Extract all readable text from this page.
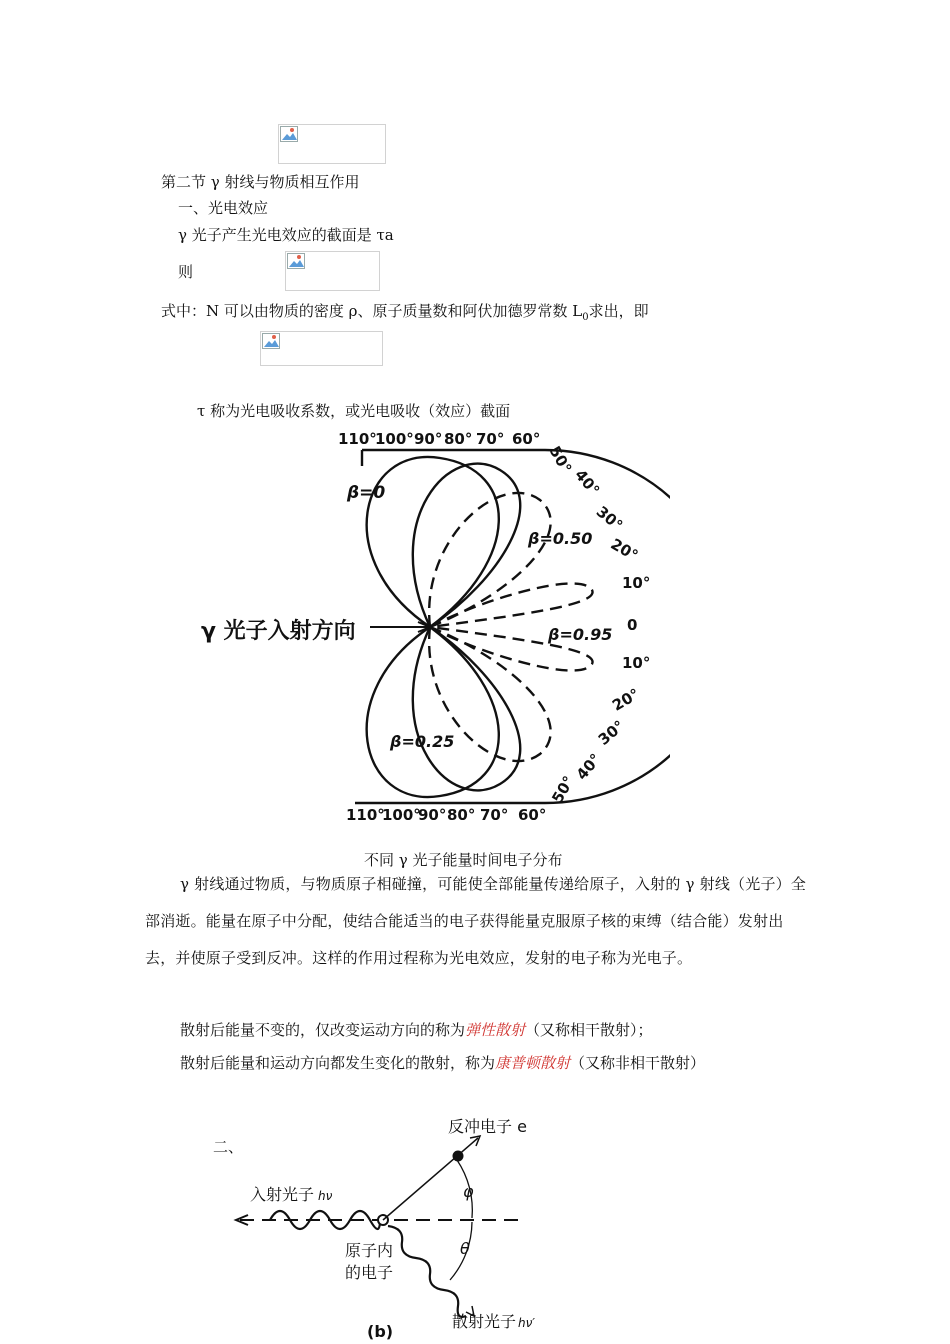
第二节 γ 射线与物质相互作用
一、光电效应
γ 光子产生光电效应的截面是 τa
则
式中：N 可以由物质的密度 ρ、原子质量数和阿伏加德罗常数 $L_0$求出，即
τ 称为光电吸收系数，或光电吸收（效应）截面
110°
100° 90° 80° 70° 60°
110°
100°
90° 80° 70° 60°
50°
40°
30°
20°
10°
0
10°
20°
30°
40°
50°
β=0
β=0.50
β=0.95
β=0.25
γ 光子入射方向
不同 γ 光子能量时间电子分布
γ 射线通过物质，与物质原子相碰撞，可能使全部能量传递给原子，入射的 γ 射线（光子）全部消逝。能量在原子中分配，使结合能适当的电子获得能量克服原子核的束缚（结合能）发射出去，并使原子受到反冲。这样的作用过程称为光电效应，发射的电子称为光电子。
散射后能量不变的，仅改变运动方向的称为弹性散射（又称相干散射）；
散射后能量和运动方向都发生变化的散射，称为康普顿散射（又称非相干散射）
二、
反冲电子 e
入射光子 hν
原子内
的电子
φ
θ
散射光子 hν′
(b)
